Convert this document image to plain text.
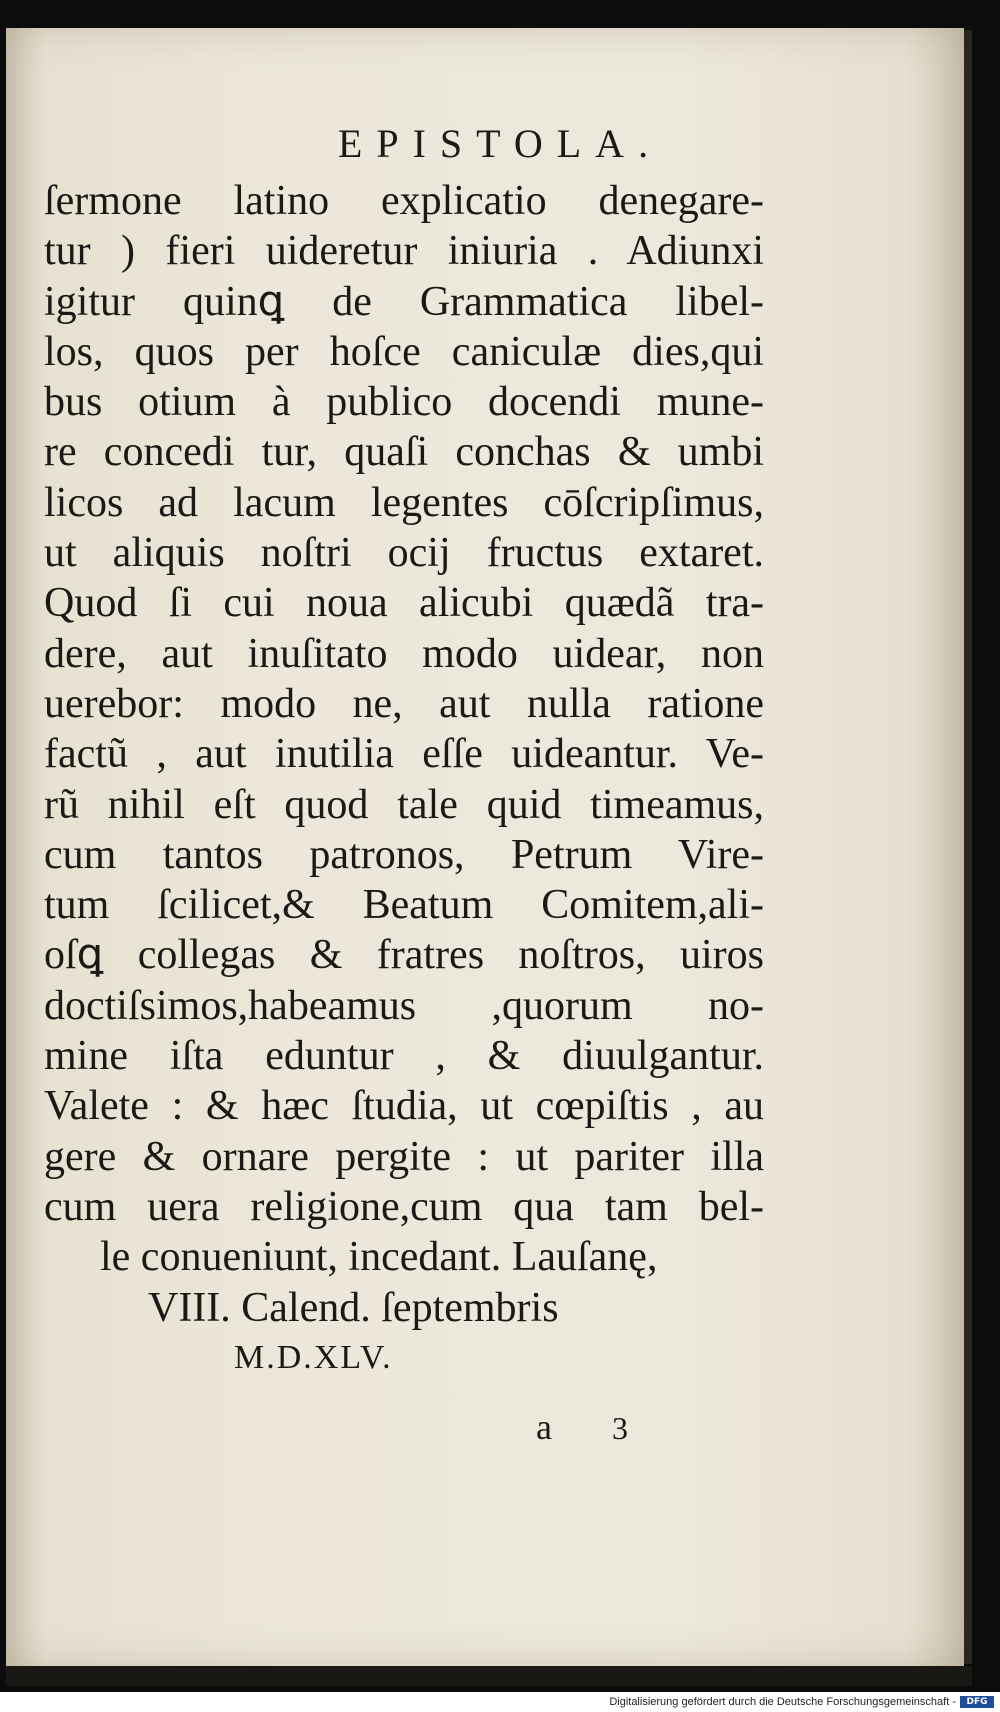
EPISTOLA.
ſermone latino explicatio denegare-
tur ) fieri uideretur iniuria . Adiunxi
igitur quinꝗ de Grammatica libel-
los, quos per hoſce caniculæ dies,qui
bus otium à publico docendi mune-
re concedi tur, quaſi conchas & umbi
licos ad lacum legentes cōſcripſimus,
ut aliquis noſtri ocij fructus extaret.
Quod ſi cui noua alicubi quædã tra-
dere, aut inuſitato modo uidear, non
uerebor: modo ne, aut nulla ratione
factũ , aut inutilia eſſe uideantur. Ve-
rũ nihil eſt quod tale quid timeamus,
cum tantos patronos, Petrum Vire-
tum ſcilicet,& Beatum Comitem,ali-
oſꝗ collegas & fratres noſtros, uiros
doctiſsimos,habeamus ,quorum no-
mine iſta eduntur , & diuulgantur.
Valete : & hæc ſtudia, ut cœpiſtis , au
gere & ornare pergite : ut pariter illa
cum uera religione,cum qua tam bel-
le conueniunt, incedant. Lauſanę,
VIII. Calend. ſeptembris
M.D.XLV.
a 3
Digitalisierung gefördert durch die Deutsche Forschungsgemeinschaft -	DFG
